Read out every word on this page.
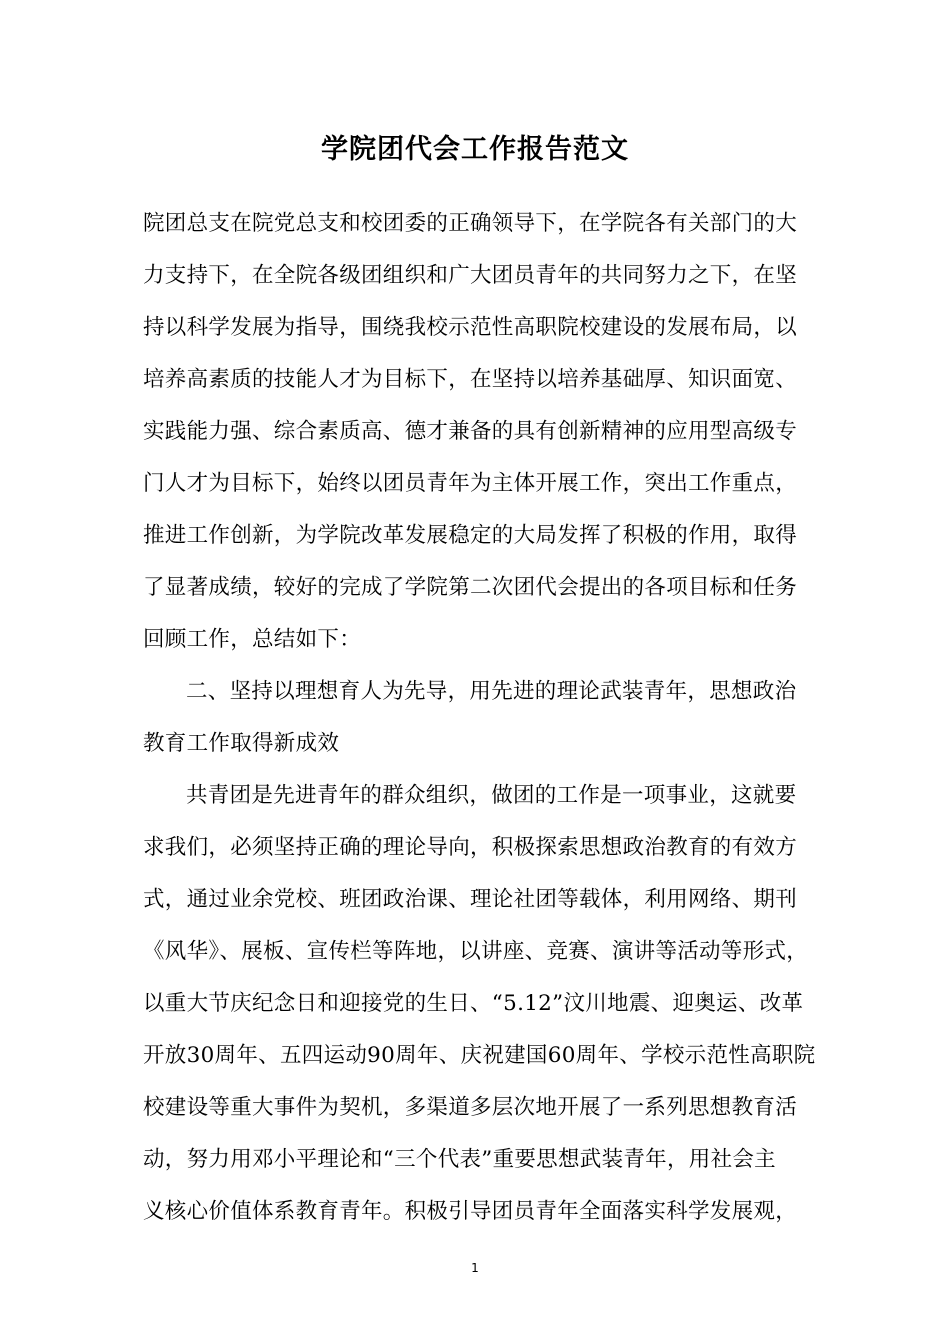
学院团代会工作报告范文
院团总支在院党总支和校团委的正确领导下，在学院各有关部门的大
力支持下，在全院各级团组织和广大团员青年的共同努力之下，在坚
持以科学发展为指导，围绕我校示范性高职院校建设的发展布局，以
培养高素质的技能人才为目标下，在坚持以培养基础厚、知识面宽、
实践能力强、综合素质高、德才兼备的具有创新精神的应用型高级专
门人才为目标下，始终以团员青年为主体开展工作，突出工作重点，
推进工作创新，为学院改革发展稳定的大局发挥了积极的作用，取得
了显著成绩，较好的完成了学院第二次团代会提出的各项目标和任务
回顾工作，总结如下：
二、坚持以理想育人为先导，用先进的理论武装青年，思想政治
教育工作取得新成效
共青团是先进青年的群众组织，做团的工作是一项事业，这就要
求我们，必须坚持正确的理论导向，积极探索思想政治教育的有效方
式，通过业余党校、班团政治课、理论社团等载体，利用网络、期刊
《风华》、展板、宣传栏等阵地，以讲座、竞赛、演讲等活动等形式，
以重大节庆纪念日和迎接党的生日、“5.12”汶川地震、迎奥运、改革
开放30周年、五四运动90周年、庆祝建国60周年、学校示范性高职院
校建设等重大事件为契机，多渠道多层次地开展了一系列思想教育活
动，努力用邓小平理论和“三个代表”重要思想武装青年，用社会主
义核心价值体系教育青年。积极引导团员青年全面落实科学发展观，
1
